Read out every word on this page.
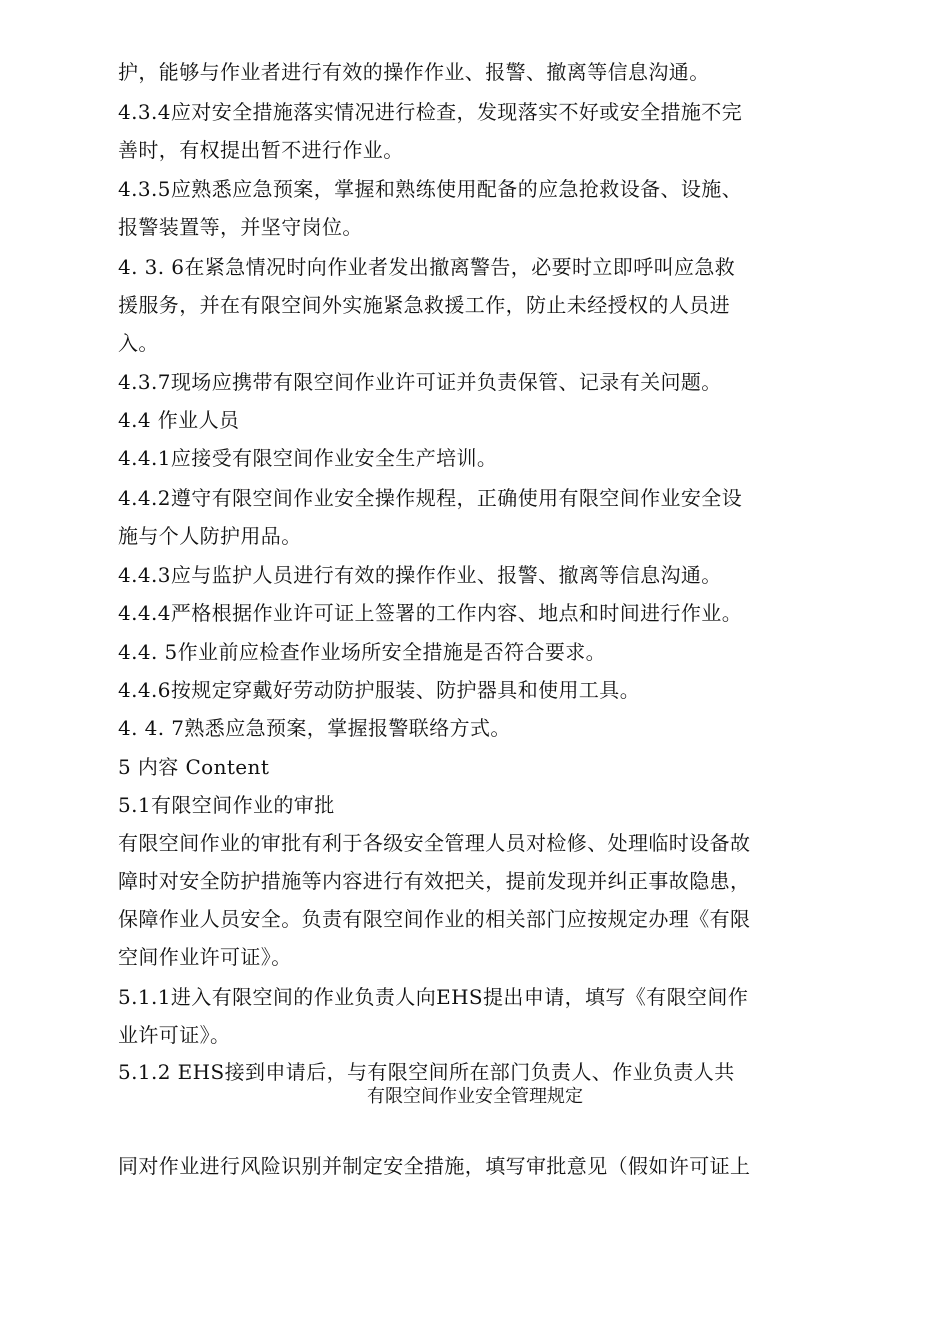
护，能够与作业者进行有效的操作作业、报警、撤离等信息沟通。
4.3.4应对安全措施落实情况进行检查，发现落实不好或安全措施不完
善时，有权提出暂不进行作业。
4.3.5应熟悉应急预案，掌握和熟练使用配备的应急抢救设备、设施、
报警装置等，并坚守岗位。
4. 3. 6在紧急情况时向作业者发出撤离警告，必要时立即呼叫应急救
援服务，并在有限空间外实施紧急救援工作，防止未经授权的人员进
入。
4.3.7现场应携带有限空间作业许可证并负责保管、记录有关问题。
4.4 作业人员
4.4.1应接受有限空间作业安全生产培训。
4.4.2遵守有限空间作业安全操作规程，正确使用有限空间作业安全设
施与个人防护用品。
4.4.3应与监护人员进行有效的操作作业、报警、撤离等信息沟通。
4.4.4严格根据作业许可证上签署的工作内容、地点和时间进行作业。
4.4. 5作业前应检查作业场所安全措施是否符合要求。
4.4.6按规定穿戴好劳动防护服装、防护器具和使用工具。
4. 4. 7熟悉应急预案，掌握报警联络方式。
5 内容 Content
5.1有限空间作业的审批
有限空间作业的审批有利于各级安全管理人员对检修、处理临时设备故
障时对安全防护措施等内容进行有效把关，提前发现并纠正事故隐患，
保障作业人员安全。负责有限空间作业的相关部门应按规定办理《有限
空间作业许可证》。
5.1.1进入有限空间的作业负责人向EHS提出申请，填写《有限空间作
业许可证》。
5.1.2 EHS接到申请后，与有限空间所在部门负责人、作业负责人共
有限空间作业安全管理规定
同对作业进行风险识别并制定安全措施，填写审批意见（假如许可证上
